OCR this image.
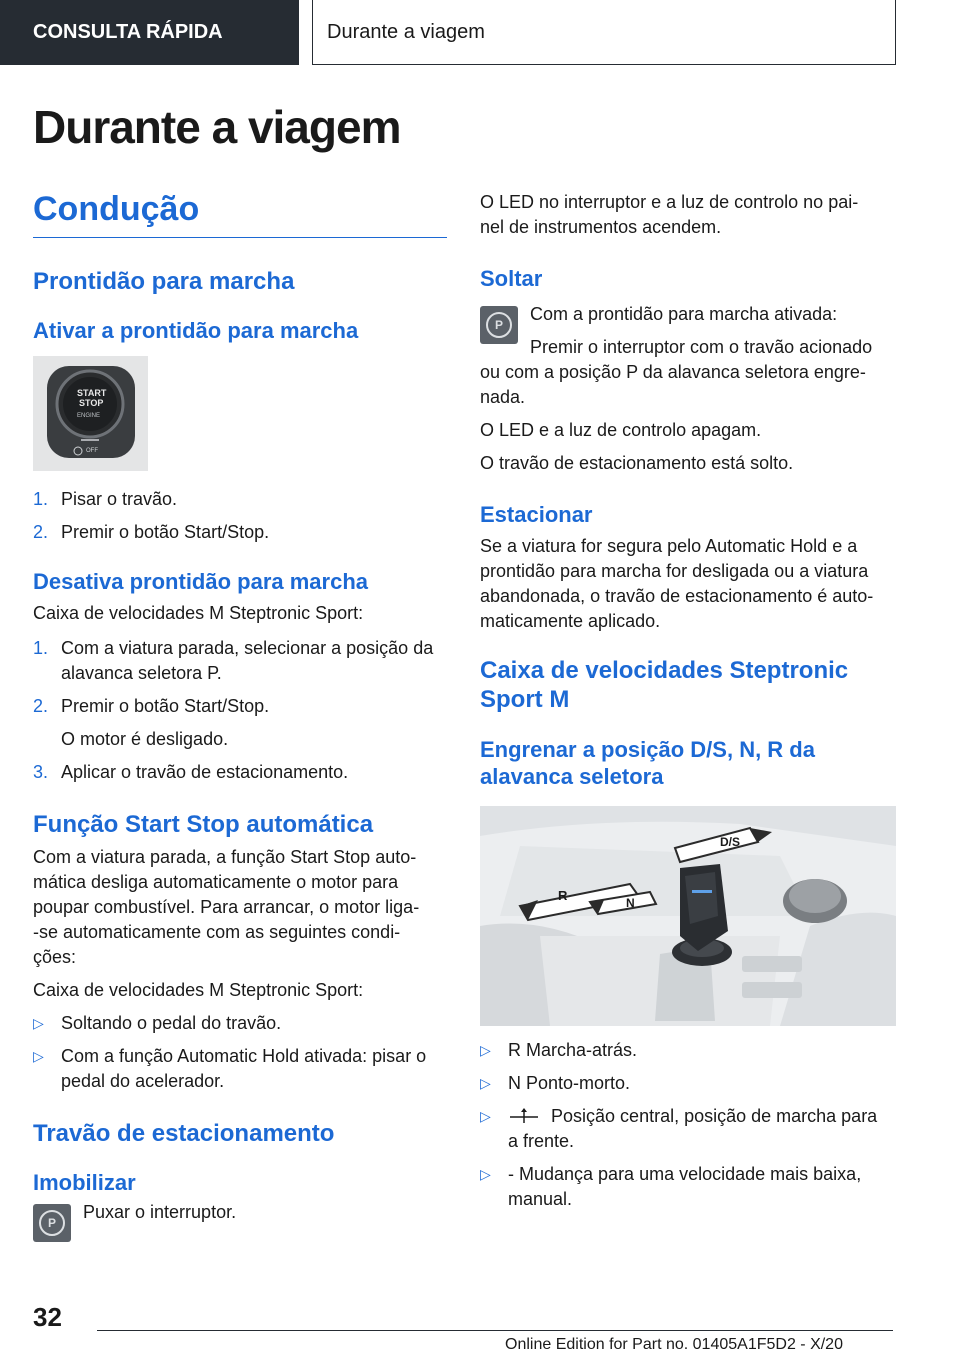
CONSULTA RÁPIDA	Durante a viagem
Durante a viagem
Condução
Prontidão para marcha
Ativar a prontidão para marcha
START
STOP
ENGINE
OFF
1. Pisar o travão.
2. Premir o botão Start/Stop.
Desativa prontidão para marcha

Caixa de velocidades M Steptronic Sport:

1. Com a viatura parada, selecionar a posição da
alavanca seletora P.
2. Premir o botão Start/Stop.
O motor é desligado.
3. Aplicar o travão de estacionamento.
Função Start Stop automática

Com a viatura parada, a função Start Stop auto-
mática desliga automaticamente o motor para
poupar combustível. Para arrancar, o motor liga-
-se automaticamente com as seguintes condi-
ções:

Caixa de velocidades M Steptronic Sport:

▷ Soltando o pedal do travão.
▷ Com a função Automatic Hold ativada: pisar o
pedal do acelerador.
Travão de estacionamento
Imobilizar
P
Puxar o interruptor.

O LED no interruptor e a luz de controlo no pai-
nel de instrumentos acendem.

Soltar
P

Com a prontidão para marcha ativada:

Premir o interruptor com o travão acionado

ou com a posição P da alavanca seletora engre-
nada.

O LED e a luz de controlo apagam.

O travão de estacionamento está solto.

Estacionar

Se a viatura for segura pelo Automatic Hold e a
prontidão para marcha for desligada ou a viatura
abandonada, o travão de estacionamento é auto-
maticamente aplicado.

Caixa de velocidades Steptronic
Sport M
Engrenar a posição D/S, N, R da
alavanca seletora
R	N
D/S
▷ R Marcha-atrás.
▷ N Ponto-morto.
▷	Posição central, posição de marcha para
a frente.
▷ - Mudança para uma velocidade mais baixa,
manual.
32
Online Edition for Part no. 01405A1F5D2 - X/20
